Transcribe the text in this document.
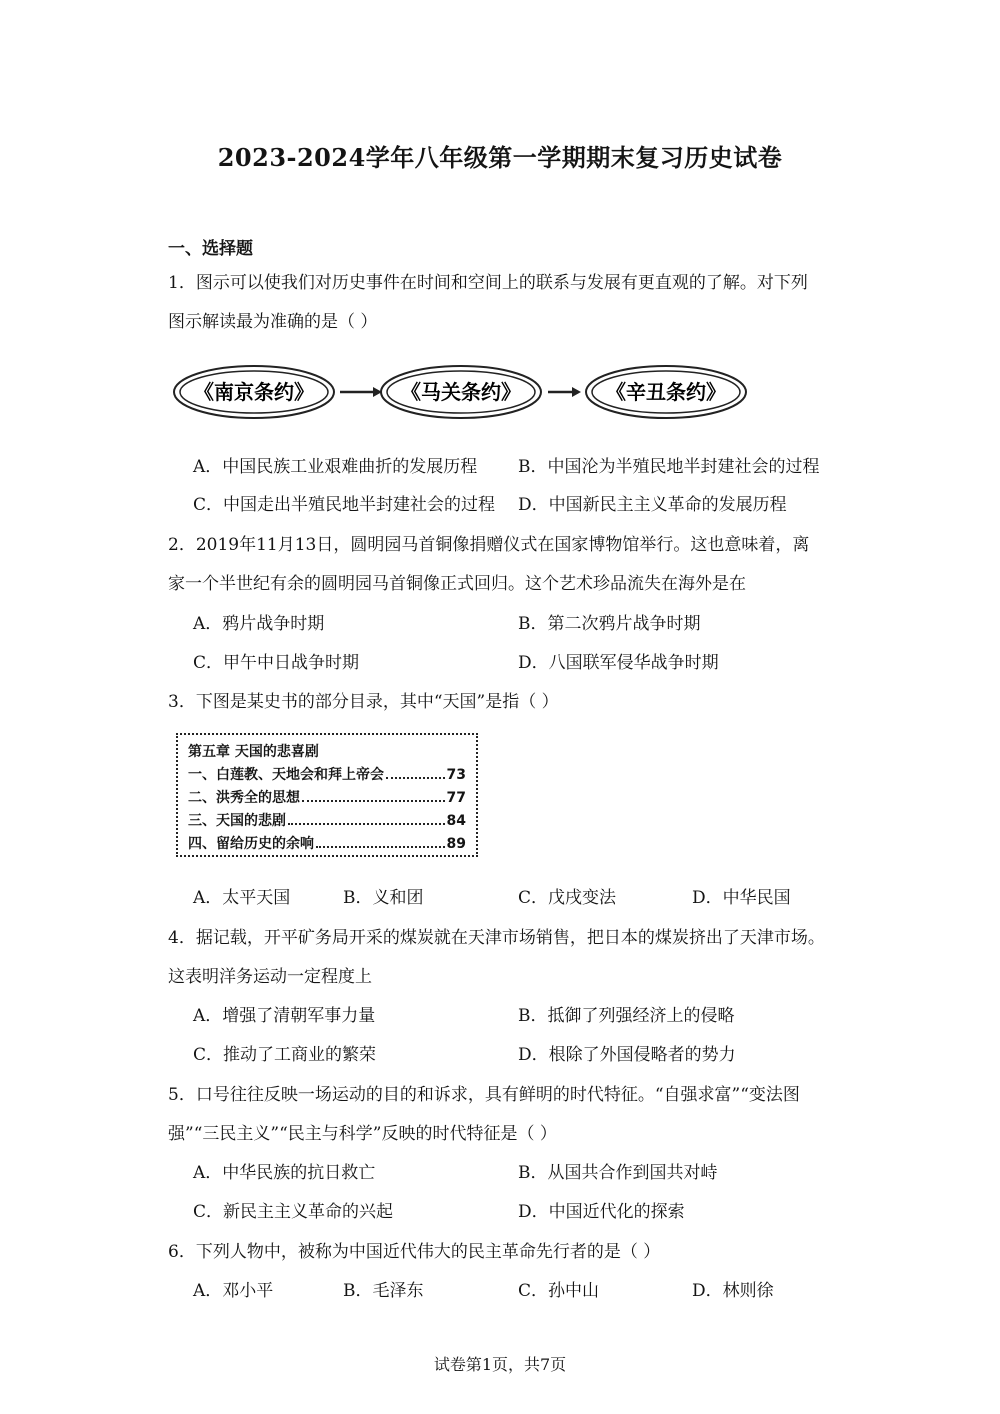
2023-2024学年八年级第一学期期末复习历史试卷
一、选择题
1．图示可以使我们对历史事件在时间和空间上的联系与发展有更直观的了解。对下列
图示解读最为准确的是（ ）
《南京条约》	《马关条约》	《辛丑条约》
A．中国民族工业艰难曲折的发展历程 B．中国沦为半殖民地半封建社会的过程
C．中国走出半殖民地半封建社会的过程 D．中国新民主主义革命的发展历程
2．2019年11月13日，圆明园马首铜像捐赠仪式在国家博物馆举行。这也意味着，离
家一个半世纪有余的圆明园马首铜像正式回归。这个艺术珍品流失在海外是在
A．鸦片战争时期	B．第二次鸦片战争时期
C．甲午中日战争时期	D．八国联军侵华战争时期
3．下图是某史书的部分目录，其中“天国”是指（ ）
第五章 天国的悲喜剧
一、白莲教、天地会和拜上帝会	73
二、洪秀全的思想	77
三、天国的悲剧	84
四、留给历史的余响	89
A．太平天国	B．义和团	C．戊戌变法	D．中华民国
4．据记载，开平矿务局开采的煤炭就在天津市场销售，把日本的煤炭挤出了天津市场。
这表明洋务运动一定程度上
A．增强了清朝军事力量	B．抵御了列强经济上的侵略
C．推动了工商业的繁荣	D．根除了外国侵略者的势力
5．口号往往反映一场运动的目的和诉求，具有鲜明的时代特征。“自强求富”“变法图
强”“三民主义”“民主与科学”反映的时代特征是（ ）
A．中华民族的抗日救亡	B．从国共合作到国共对峙
C．新民主主义革命的兴起	D．中国近代化的探索
6．下列人物中，被称为中国近代伟大的民主革命先行者的是（ ）
A．邓小平	B．毛泽东	C．孙中山	D．林则徐
试卷第1页，共7页
